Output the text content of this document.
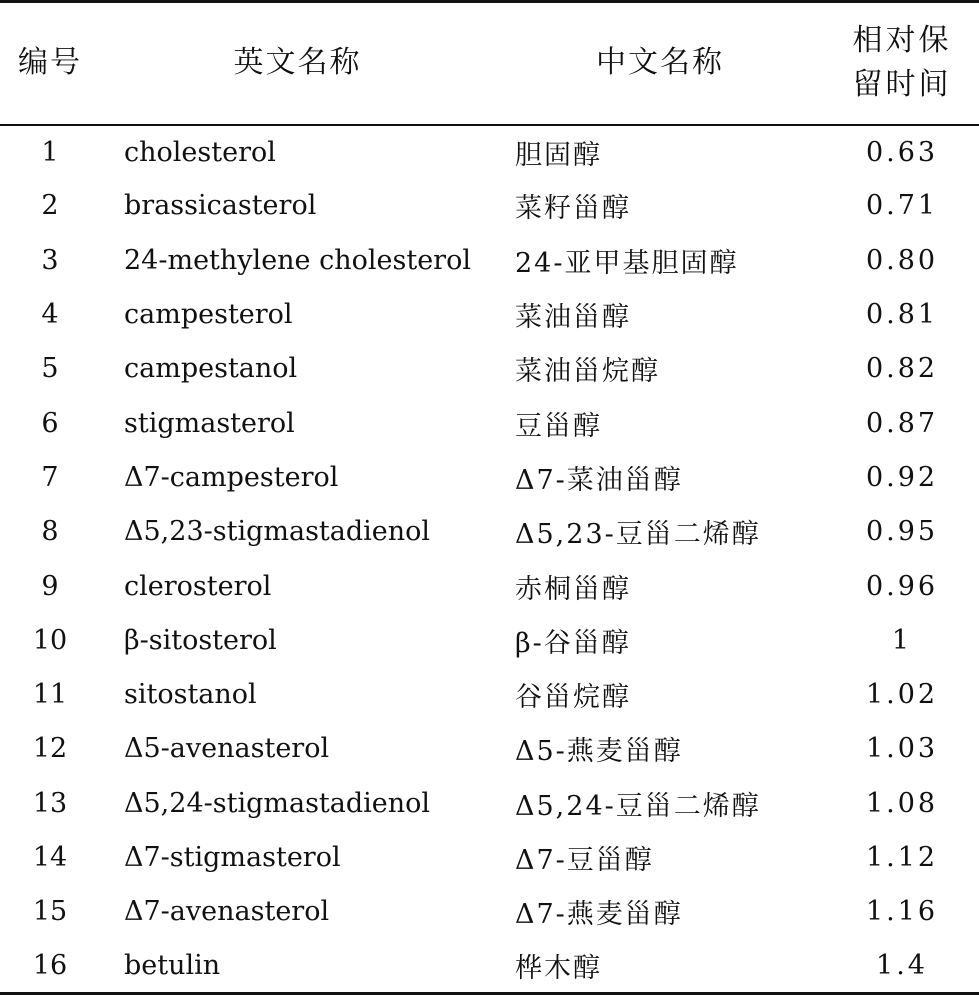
编号	英文名称	中文名称	相对保
留时间
1	cholesterol	胆固醇	0.63
2	brassicasterol	菜籽甾醇	0.71
3	24-methylene cholesterol	24-亚甲基胆固醇	0.80
4	campesterol	菜油甾醇	0.81
5	campestanol	菜油甾烷醇	0.82
6	stigmasterol	豆甾醇	0.87
7	Δ7-campesterol	Δ7-菜油甾醇	0.92
8	Δ5,23-stigmastadienol	Δ5,23-豆甾二烯醇	0.95
9	clerosterol	赤桐甾醇	0.96
10	β-sitosterol	β-谷甾醇	1
11	sitostanol	谷甾烷醇	1.02
12	Δ5-avenasterol	Δ5-燕麦甾醇	1.03
13	Δ5,24-stigmastadienol	Δ5,24-豆甾二烯醇	1.08
14	Δ7-stigmasterol	Δ7-豆甾醇	1.12
15	Δ7-avenasterol	Δ7-燕麦甾醇	1.16
16	betulin	桦木醇	1.4
